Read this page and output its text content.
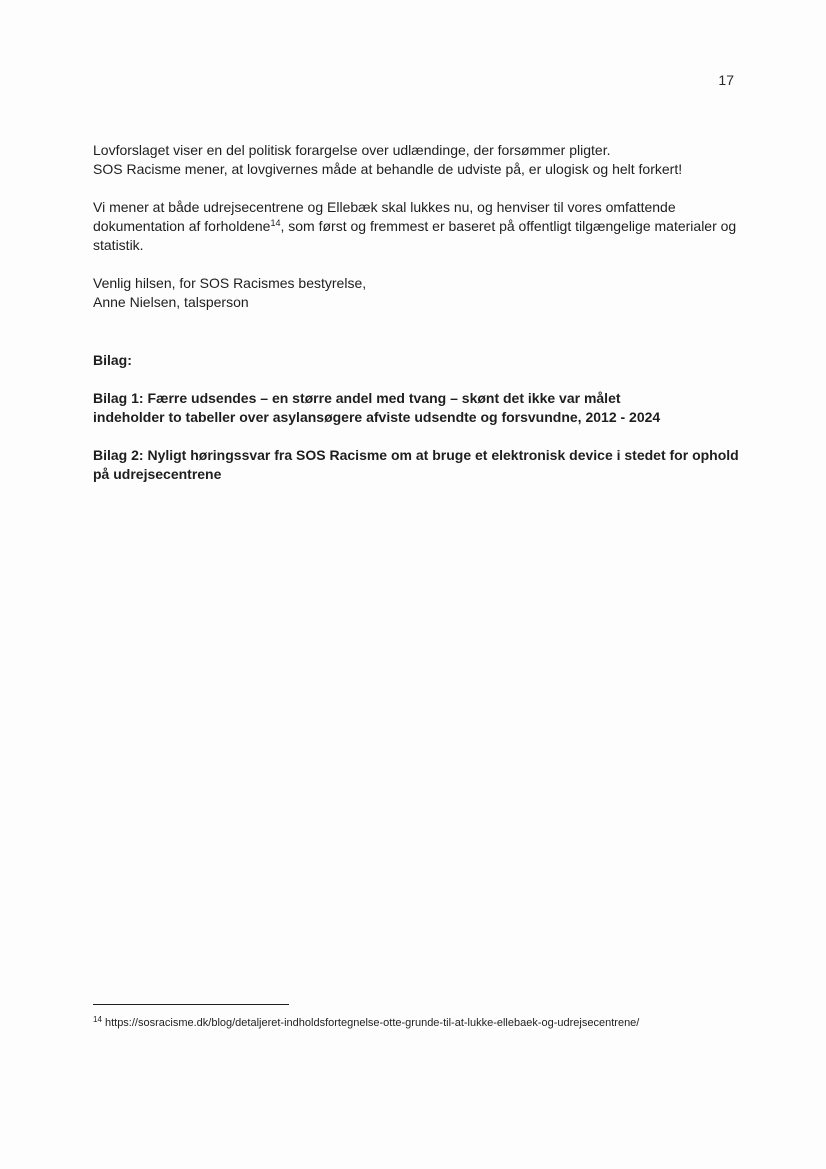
17

Lovforslaget viser en del politisk forargelse over udlændinge, der forsømmer pligter.
SOS Racisme mener, at lovgivernes måde at behandle de udviste på, er ulogisk og helt forkert!

Vi mener at både udrejsecentrene og Ellebæk skal lukkes nu, og henviser til vores omfattende dokumentation af forholdene$^{14}$, som først og fremmest er baseret på offentligt tilgængelige materialer og statistik.

Venlig hilsen, for SOS Racismes bestyrelse,
Anne Nielsen, talsperson

Bilag:

Bilag 1: Færre udsendes – en større andel med tvang – skønt det ikke var målet
indeholder to tabeller over asylansøgere afviste udsendte og forsvundne, 2012 - 2024

Bilag 2: Nyligt høringssvar fra SOS Racisme om at bruge et elektronisk device i stedet for ophold på udrejsecentrene

$^{14}$ https://sosracisme.dk/blog/detaljeret-indholdsfortegnelse-otte-grunde-til-at-lukke-ellebaek-og-udrejsecentrene/
